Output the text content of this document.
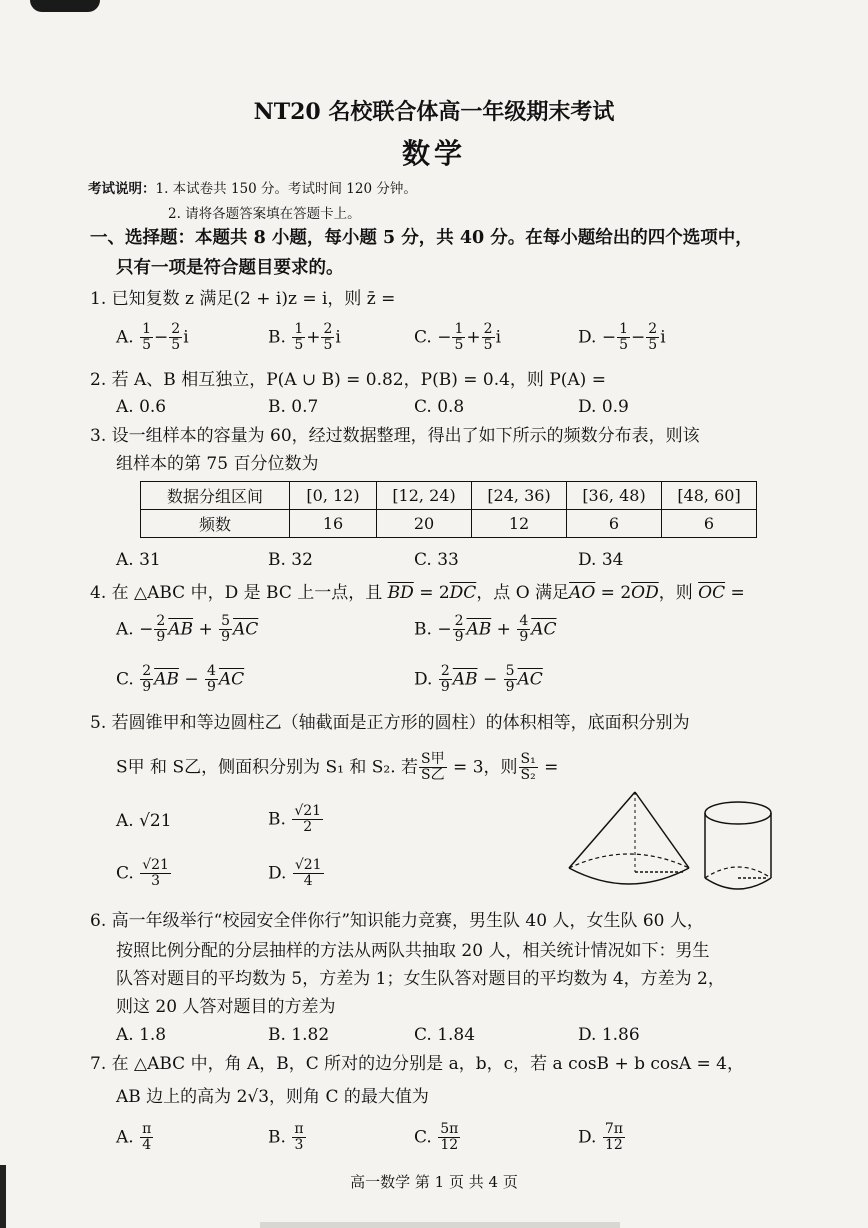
NT20 名校联合体高一年级期末考试
数学
考试说明：1. 本试卷共 150 分。考试时间 120 分钟。
2. 请将各题答案填在答题卡上。
一、选择题：本题共 8 小题，每小题 5 分，共 40 分。在每小题给出的四个选项中，
只有一项是符合题目要求的。
1. 已知复数 z 满足(2 + i)z = i，则 z̄ =
A. $\frac{1}{5} - \frac{2}{5}$ i	B. $\frac{1}{5} + \frac{2}{5}$ i	C. − $\frac{1}{5} + \frac{2}{5}$ i	D. − $\frac{1}{5} - \frac{2}{5}$ i
2. 若 A、B 相互独立，P(A ∪ B) = 0.82，P(B) = 0.4，则 P(A) =
A. 0.6	B. 0.7	C. 0.8	D. 0.9
3. 设一组样本的容量为 60，经过数据整理，得出了如下所示的频数分布表，则该
组样本的第 75 百分位数为
数据分组区间	[0, 12)	[12, 24)	[24, 36)	[36, 48)	[48, 60]
频数	16	20	12	6	6
A. 31	B. 32	C. 33	D. 34
4. 在 △ABC 中，D 是 BC 上一点，且 $\overline{BD} = 2\overline{DC}$，点 O 满足$\overline{AO} = 2\overline{OD}$，则 $\overline{OC}$ =
A. − $\frac{2}{9} \overline{AB} + \frac{5}{9} \overline{AC}$	B. − $\frac{2}{9} \overline{AB} + \frac{4}{9} \overline{AC}$
C. $\frac{2}{9} \overline{AB} - \frac{4}{9} \overline{AC}$	D. $\frac{2}{9} \overline{AB} - \frac{5}{9} \overline{AC}$
5. 若圆锥甲和等边圆柱乙（轴截面是正方形的圆柱）的体积相等，底面积分别为
S甲 和 S乙，侧面积分别为 S₁ 和 S₂. 若 $\frac{\text{S甲}}{\text{S乙}} = 3$，则 $\frac{\text{S₁}}{\text{S₂}}$ =
A. √21	B. $\frac{√21}{2}$
C. $\frac{√21}{3}$	D. $\frac{√21}{4}$
6. 高一年级举行“校园安全伴你行”知识能力竞赛，男生队 40 人，女生队 60 人，
按照比例分配的分层抽样的方法从两队共抽取 20 人，相关统计情况如下：男生
队答对题目的平均数为 5，方差为 1；女生队答对题目的平均数为 4，方差为 2，
则这 20 人答对题目的方差为
A. 1.8	B. 1.82	C. 1.84	D. 1.86
7. 在 △ABC 中，角 A，B，C 所对的边分别是 a，b，c，若 a cosB + b cosA = 4，
AB 边上的高为 2√3，则角 C 的最大值为
A. $\frac{\pi}{4}$	B. $\frac{\pi}{3}$	C. $\frac{5\pi}{12}$	D. $\frac{7\pi}{12}$
高一数学 第 1 页 共 4 页
